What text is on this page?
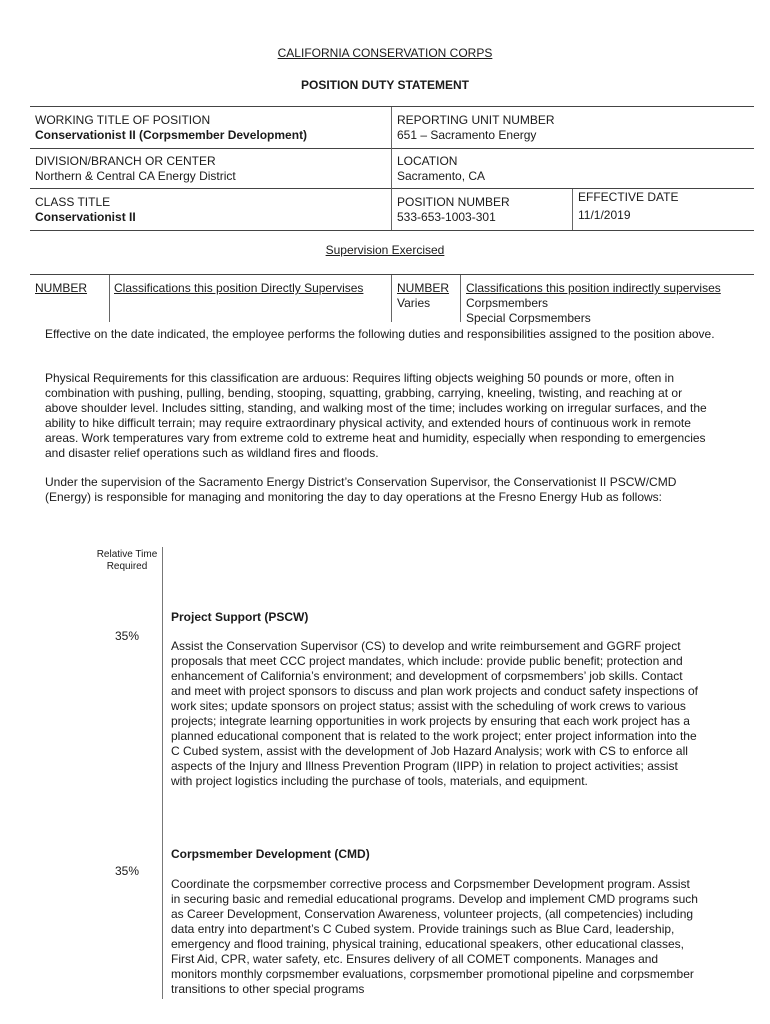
CALIFORNIA CONSERVATION CORPS
POSITION DUTY STATEMENT
WORKING TITLE OF POSITION
Conservationist II (Corpsmember Development)
REPORTING UNIT NUMBER
651 – Sacramento Energy
DIVISION/BRANCH OR CENTER
Northern & Central CA Energy District
LOCATION
Sacramento, CA
CLASS TITLE
Conservationist II
POSITION NUMBER
533-653-1003-301
EFFECTIVE DATE
11/1/2019
Supervision Exercised
NUMBER Classifications this position Directly Supervises	NUMBER
Varies
Classifications this position indirectly supervises
Corpsmembers
Special Corpsmembers
Effective on the date indicated, the employee performs the following duties and responsibilities assigned to the position above.
Physical Requirements for this classification are arduous: Requires lifting objects weighing 50 pounds or more, often in combination with pushing, pulling, bending, stooping, squatting, grabbing, carrying, kneeling, twisting, and reaching at or above shoulder level. Includes sitting, standing, and walking most of the time; includes working on irregular surfaces, and the ability to hike difficult terrain; may require extraordinary physical activity, and extended hours of continuous work in remote areas. Work temperatures vary from extreme cold to extreme heat and humidity, especially when responding to emergencies and disaster relief operations such as wildland fires and floods.
Under the supervision of the Sacramento Energy District’s Conservation Supervisor, the Conservationist II PSCW/CMD (Energy) is responsible for managing and monitoring the day to day operations at the Fresno Energy Hub as follows:
Relative Time Required
Project Support (PSCW)
35%
Assist the Conservation Supervisor (CS) to develop and write reimbursement and GGRF project proposals that meet CCC project mandates, which include: provide public benefit; protection and enhancement of California’s environment; and development of corpsmembers’ job skills. Contact and meet with project sponsors to discuss and plan work projects and conduct safety inspections of work sites; update sponsors on project status; assist with the scheduling of work crews to various projects; integrate learning opportunities in work projects by ensuring that each work project has a planned educational component that is related to the work project; enter project information into the C Cubed system, assist with the development of Job Hazard Analysis; work with CS to enforce all aspects of the Injury and Illness Prevention Program (IIPP) in relation to project activities; assist with project logistics including the purchase of tools, materials, and equipment.
Corpsmember Development (CMD)
35%
Coordinate the corpsmember corrective process and Corpsmember Development program. Assist in securing basic and remedial educational programs. Develop and implement CMD programs such as Career Development, Conservation Awareness, volunteer projects, (all competencies) including data entry into department’s C Cubed system. Provide trainings such as Blue Card, leadership, emergency and flood training, physical training, educational speakers, other educational classes, First Aid, CPR, water safety, etc. Ensures delivery of all COMET components. Manages and monitors monthly corpsmember evaluations, corpsmember promotional pipeline and corpsmember transitions to other special programs
